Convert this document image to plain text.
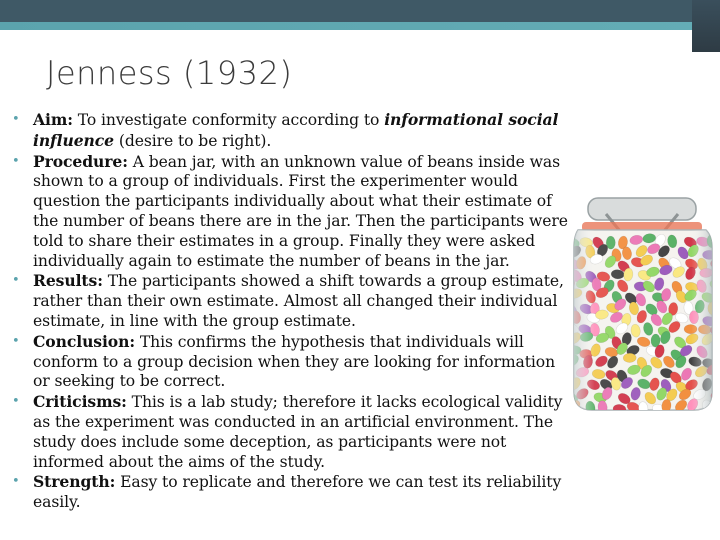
Jenness (1932)
• Aim: To investigate conformity according to informational social influence (desire to be right).
• Procedure: A bean jar, with an unknown value of beans inside was shown to a group of individuals. First the experimenter would question the participants individually about what their estimate of the number of beans there are in the jar. Then the participants were told to share their estimates in a group. Finally they were asked individually again to estimate the number of beans in the jar.
• Results: The participants showed a shift towards a group estimate, rather than their own estimate. Almost all changed their individual estimate, in line with the group estimate.
• Conclusion: This confirms the hypothesis that individuals will conform to a group decision when they are looking for information or seeking to be correct.
• Criticisms: This is a lab study; therefore it lacks ecological validity as the experiment was conducted in an artificial environment. The study does include some deception, as participants were not informed about the aims of the study.
• Strength: Easy to replicate and therefore we can test its reliability easily.
